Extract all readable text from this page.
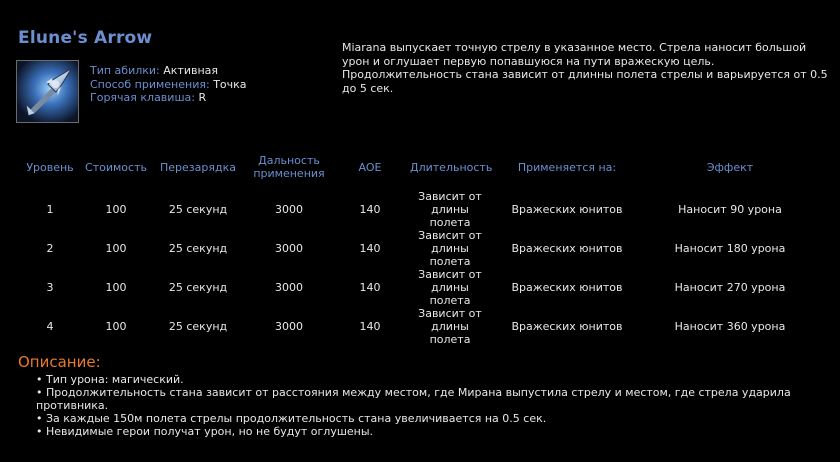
Elune's Arrow
Тип абилки: Активная
Способ применения: Точка
Горячая клавиша: R
Miarana выпускает точную стрелу в указанное место. Стрела наносит большой урон и оглушает первую попавшуюся на пути вражескую цель. Продолжительность стана зависит от длинны полета стрелы и варьируется от 0.5 до 5 сек.
Уровень	Стоимость	Перезарядка	Дальность применения	AOE	Длительность	Применяется на:	Эффект

1	100	25 секунд	3000	140	Зависит от длины полета	Вражеских юнитов	Наносит 90 урона
2	100	25 секунд	3000	140	Зависит от длины полета	Вражеских юнитов	Наносит 180 урона
3	100	25 секунд	3000	140	Зависит от длины полета	Вражеских юнитов	Наносит 270 урона
4	100	25 секунд	3000	140	Зависит от длины полета	Вражеских юнитов	Наносит 360 урона
Описание:
• Тип урона: магический.
• Продолжительность стана зависит от расстояния между местом, где Мирана выпустила стрелу и местом, где стрела ударила противника.
• За каждые 150м полета стрелы продолжительность стана увеличивается на 0.5 сек.
• Невидимые герои получат урон, но не будут оглушены.
